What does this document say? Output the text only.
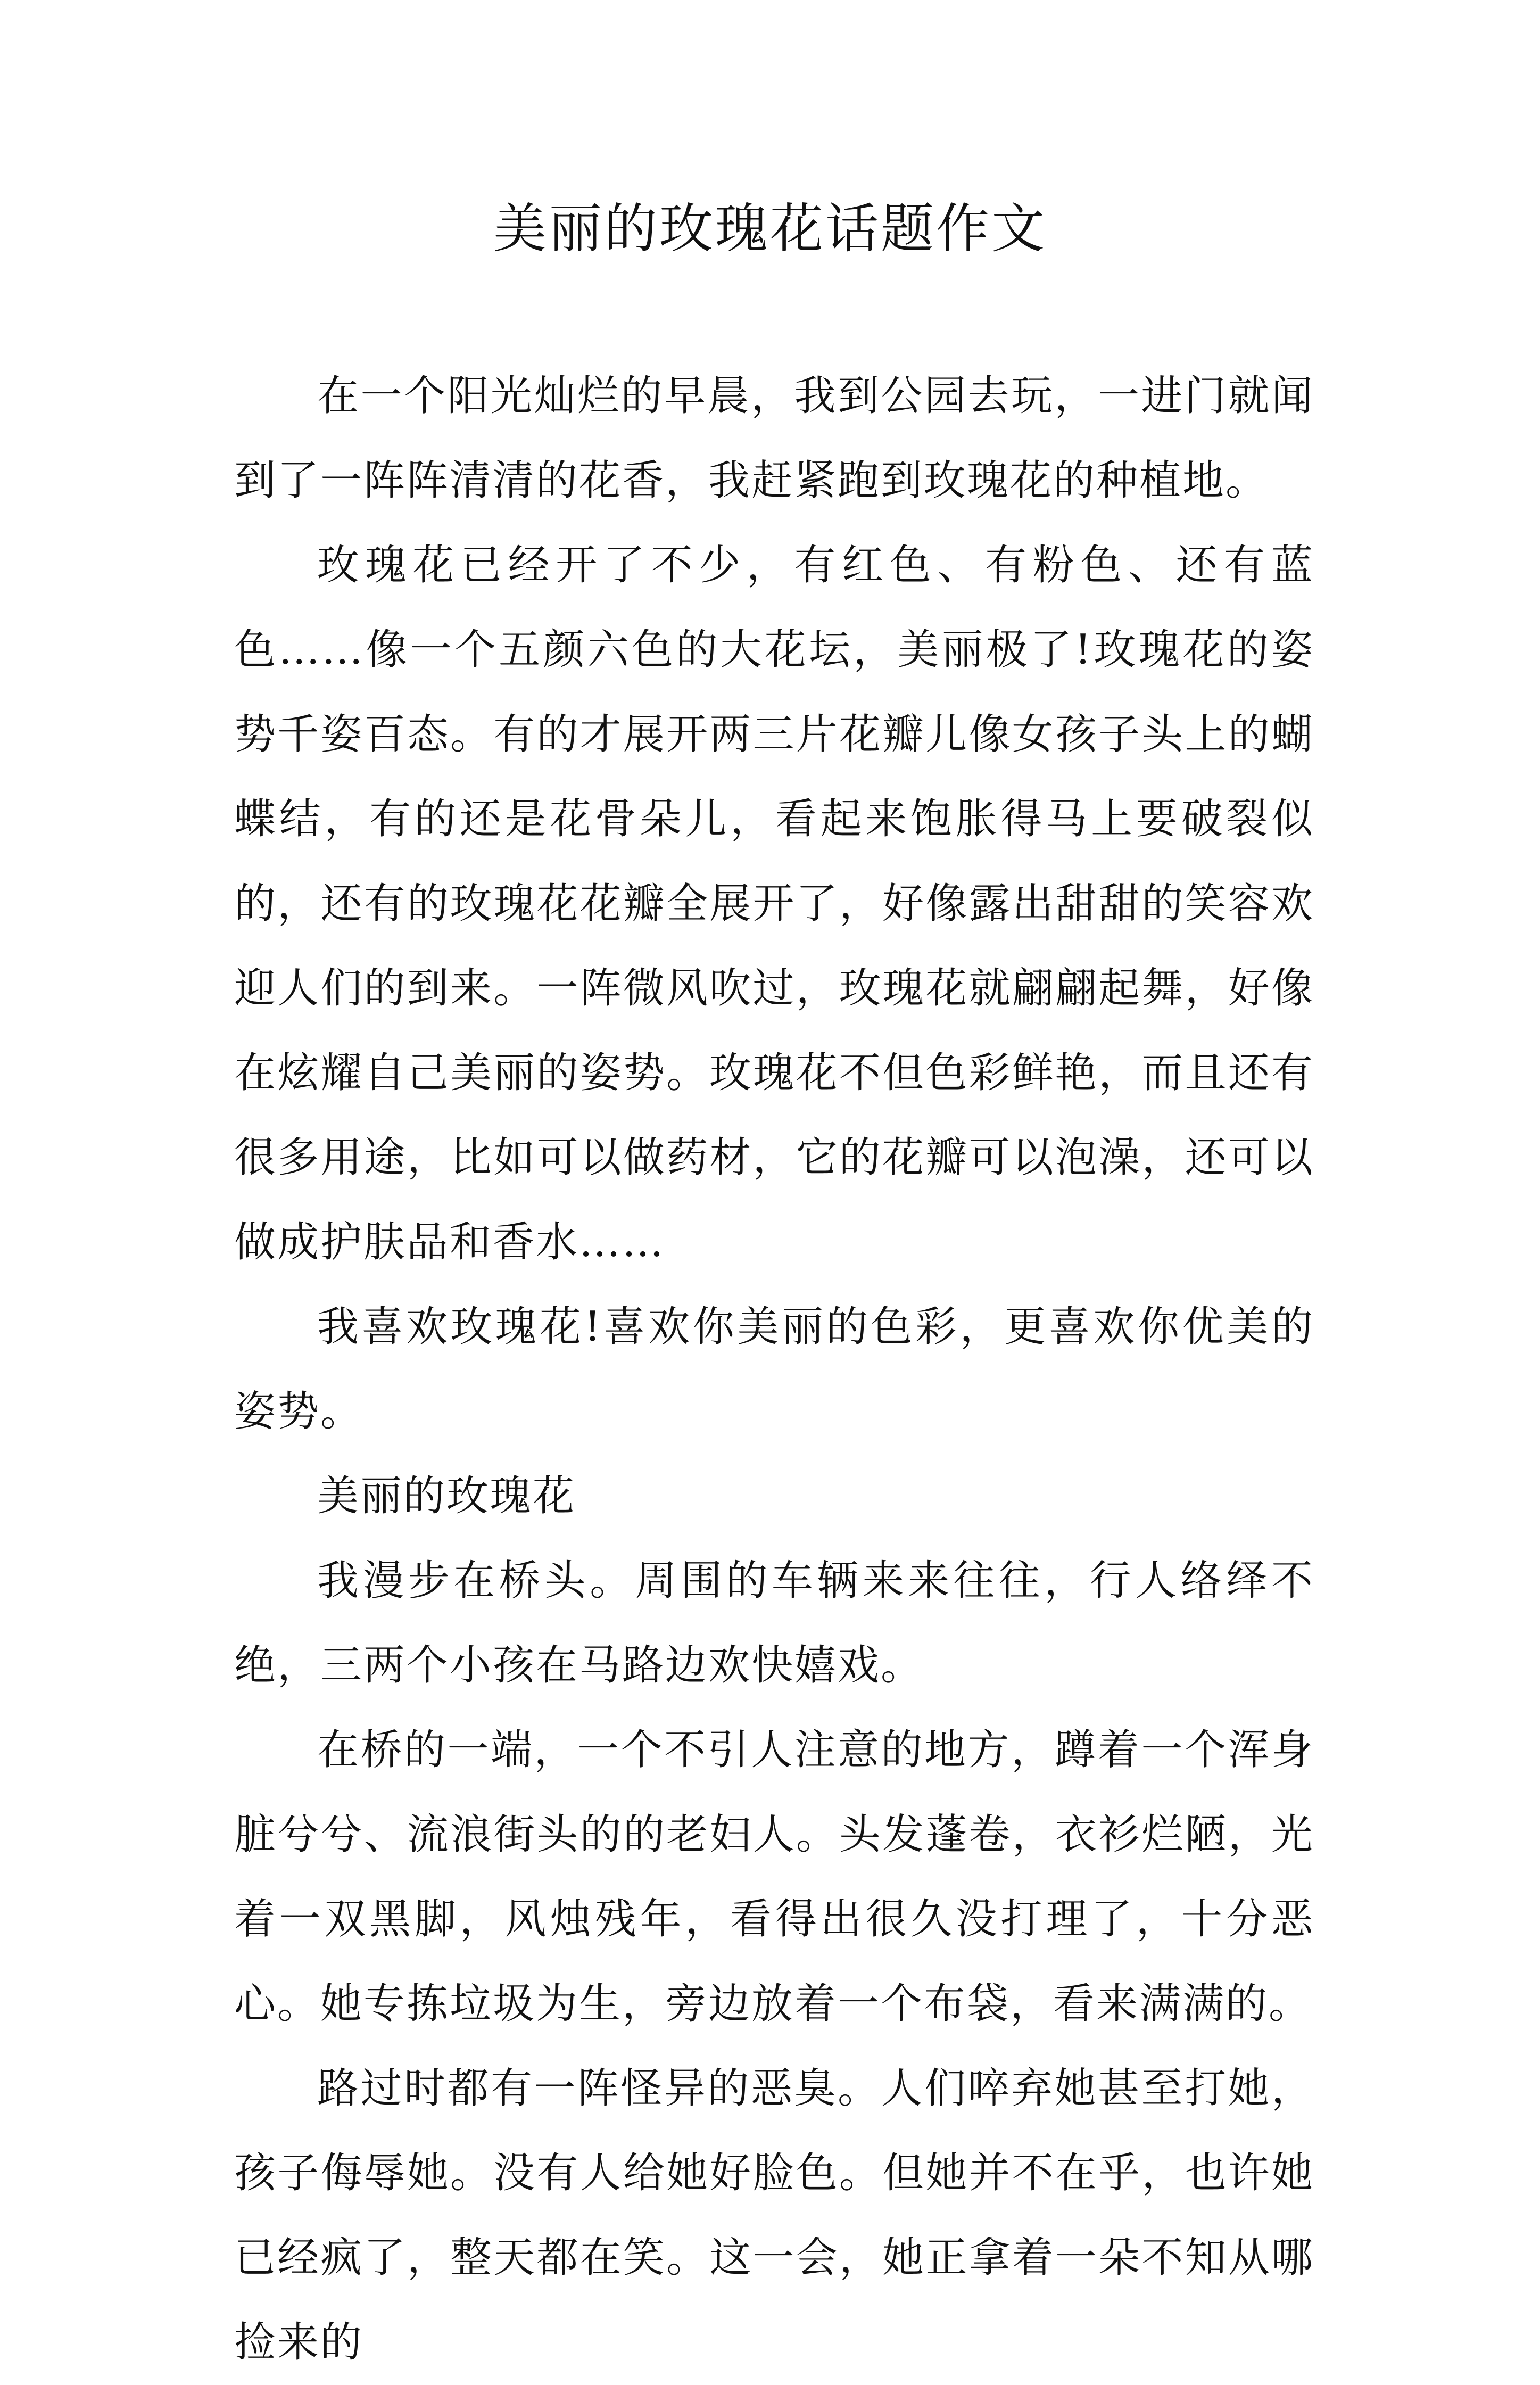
美丽的玫瑰花话题作文

在一个阳光灿烂的早晨，我到公园去玩，一进门就闻到了一阵阵清清的花香，我赶紧跑到玫瑰花的种植地。

玫瑰花已经开了不少，有红色、有粉色、还有蓝色……像一个五颜六色的大花坛，美丽极了!玫瑰花的姿势千姿百态。有的才展开两三片花瓣儿像女孩子头上的蝴蝶结，有的还是花骨朵儿，看起来饱胀得马上要破裂似的，还有的玫瑰花花瓣全展开了，好像露出甜甜的笑容欢迎人们的到来。一阵微风吹过，玫瑰花就翩翩起舞，好像在炫耀自己美丽的姿势。玫瑰花不但色彩鲜艳，而且还有很多用途，比如可以做药材，它的花瓣可以泡澡，还可以做成护肤品和香水……

我喜欢玫瑰花!喜欢你美丽的色彩，更喜欢你优美的姿势。

美丽的玫瑰花

我漫步在桥头。周围的车辆来来往往，行人络绎不绝，三两个小孩在马路边欢快嬉戏。

在桥的一端，一个不引人注意的地方，蹲着一个浑身脏兮兮、流浪街头的的老妇人。头发蓬卷，衣衫烂陋，光着一双黑脚，风烛残年，看得出很久没打理了，十分恶心。她专拣垃圾为生，旁边放着一个布袋，看来满满的。

路过时都有一阵怪异的恶臭。人们啐弃她甚至打她，孩子侮辱她。没有人给她好脸色。但她并不在乎，也许她已经疯了，整天都在笑。这一会，她正拿着一朵不知从哪捡来的
